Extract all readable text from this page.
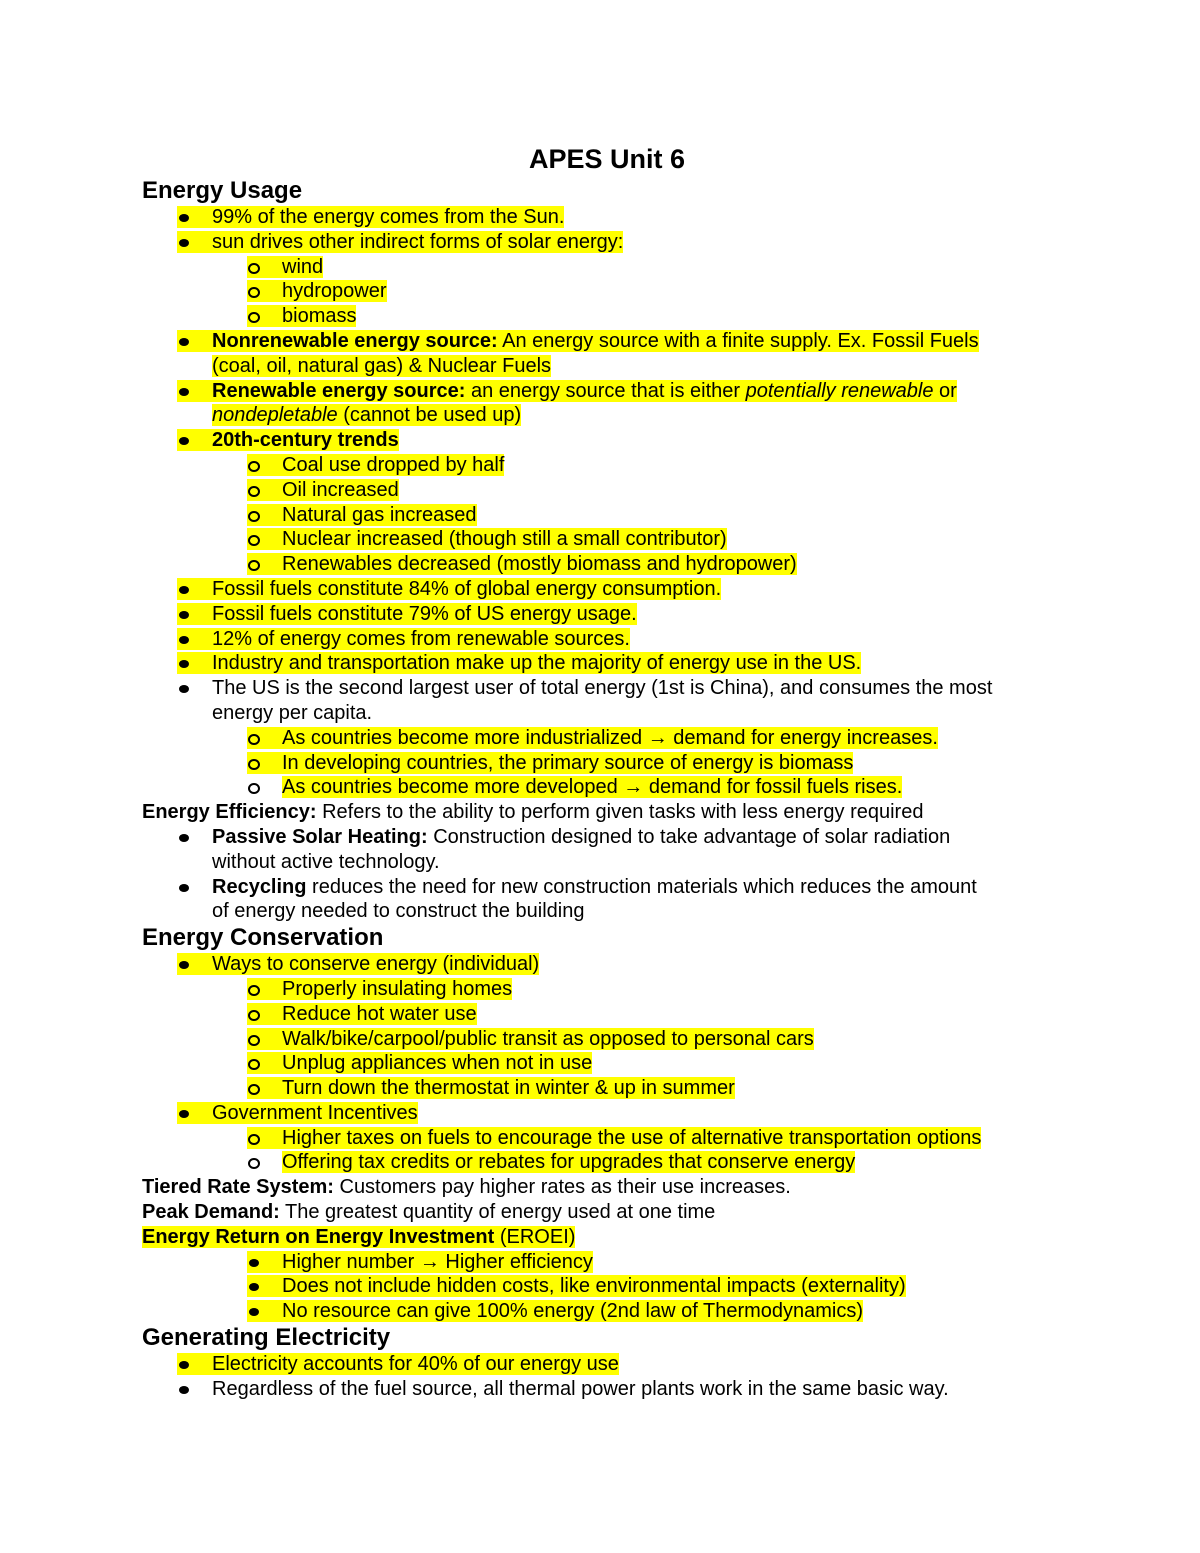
APES Unit 6
Energy Usage
99% of the energy comes from the Sun.
sun drives other indirect forms of solar energy:
wind
hydropower
biomass
Nonrenewable energy source: An energy source with a finite supply. Ex. Fossil Fuels
(coal, oil, natural gas) & Nuclear Fuels
Renewable energy source: an energy source that is either potentially renewable or
nondepletable (cannot be used up)
20th-century trends
Coal use dropped by half
Oil increased
Natural gas increased
Nuclear increased (though still a small contributor)
Renewables decreased (mostly biomass and hydropower)
Fossil fuels constitute 84% of global energy consumption.
Fossil fuels constitute 79% of US energy usage.
12% of energy comes from renewable sources.
Industry and transportation make up the majority of energy use in the US.
The US is the second largest user of total energy (1st is China), and consumes the most
energy per capita.
As countries become more industrialized → demand for energy increases.
In developing countries, the primary source of energy is biomass
As countries become more developed → demand for fossil fuels rises.
Energy Efficiency: Refers to the ability to perform given tasks with less energy required
Passive Solar Heating: Construction designed to take advantage of solar radiation
without active technology.
Recycling reduces the need for new construction materials which reduces the amount
of energy needed to construct the building
Energy Conservation
Ways to conserve energy (individual)
Properly insulating homes
Reduce hot water use
Walk/bike/carpool/public transit as opposed to personal cars
Unplug appliances when not in use
Turn down the thermostat in winter & up in summer
Government Incentives
Higher taxes on fuels to encourage the use of alternative transportation options
Offering tax credits or rebates for upgrades that conserve energy
Tiered Rate System: Customers pay higher rates as their use increases.
Peak Demand: The greatest quantity of energy used at one time
Energy Return on Energy Investment (EROEI)
Higher number → Higher efficiency
Does not include hidden costs, like environmental impacts (externality)
No resource can give 100% energy (2nd law of Thermodynamics)
Generating Electricity
Electricity accounts for 40% of our energy use
Regardless of the fuel source, all thermal power plants work in the same basic way.
